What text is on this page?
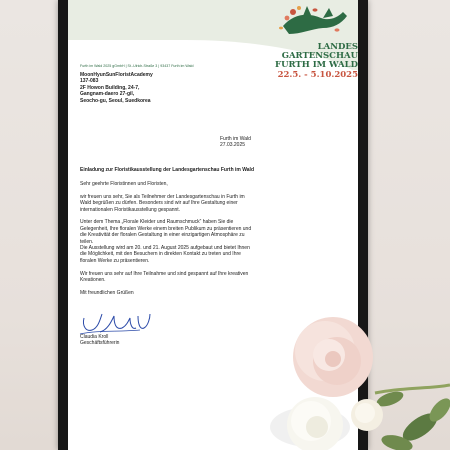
LANDES
GARTENSCHAU
FURTH IM WALD
22.5. - 5.10.2025
Furth im Wald 2025 gGmbH | St.-Ulrich-Straße 3 | 93437 Furth im Wald
MoonHyunSunFloristAcademy
137-083
2F Howon Building, 24-7,
Gangnam-daero 27-gil,
Seocho-gu, Seoul, Suedkorea
Furth im Wald
27.03.2025
Einladung zur Floristikausstellung der Landesgartenschau Furth im Wald

Sehr geehrte Floristinnen und Floristen,

wir freuen uns sehr, Sie als Teilnehmer der Landesgartenschau in Furth im Wald begrüßen zu dürfen. Besonders sind wir auf Ihre Gestaltung einer internationalen Floristikausstellung gespannt.

Unter dem Thema „Florale Kleider und Raumschmuck“ haben Sie die Gelegenheit, Ihre floralen Werke einem breiten Publikum zu präsentieren und die Kreativität der floralen Gestaltung in einer einzigartigen Atmosphäre zu teilen.

Die Ausstellung wird am 20. und 21. August 2025 aufgebaut und bietet Ihnen die Möglichkeit, mit den Besuchern in direkten Kontakt zu treten und Ihre floralen Werke zu präsentieren.

Wir freuen uns sehr auf Ihre Teilnahme und sind gespannt auf Ihre kreativen Kreationen.

Mit freundlichen Grüßen

Claudia Kroll
Geschäftsführerin
